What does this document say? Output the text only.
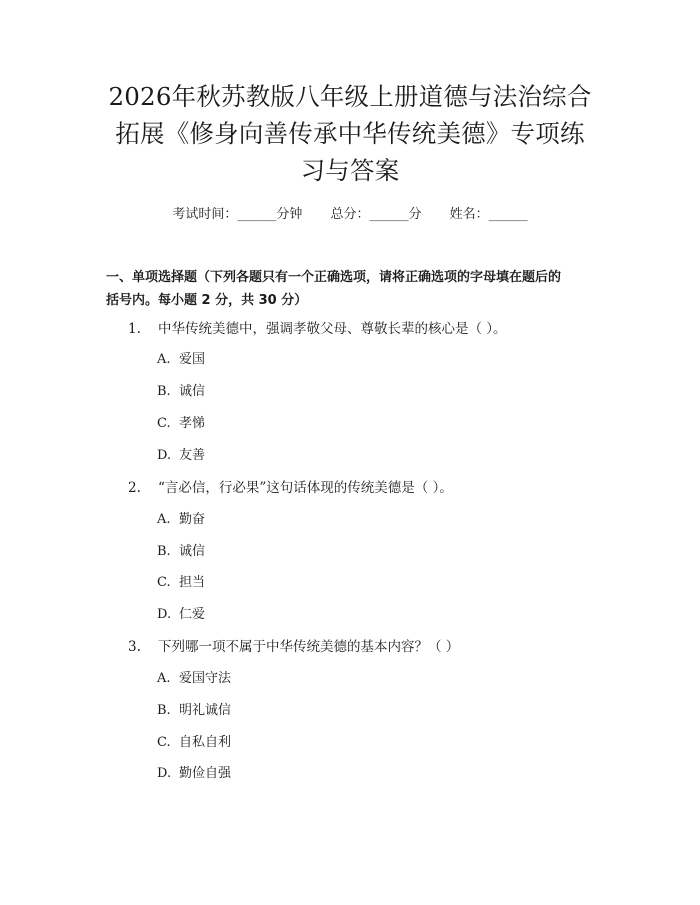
2026年秋苏教版八年级上册道德与法治综合
拓展《修身向善传承中华传统美德》专项练
习与答案
考试时间：______分钟 总分：______分 姓名：______
一、单项选择题（下列各题只有一个正确选项，请将正确选项的字母填在题后的
括号内。每小题 2 分，共 30 分）
1. 中华传统美德中，强调孝敬父母、尊敬长辈的核心是（ ）。
A. 爱国
B. 诚信
C. 孝悌
D. 友善
2. “言必信，行必果”这句话体现的传统美德是（ ）。
A. 勤奋
B. 诚信
C. 担当
D. 仁爱
3. 下列哪一项不属于中华传统美德的基本内容？（ ）
A. 爱国守法
B. 明礼诚信
C. 自私自利
D. 勤俭自强
